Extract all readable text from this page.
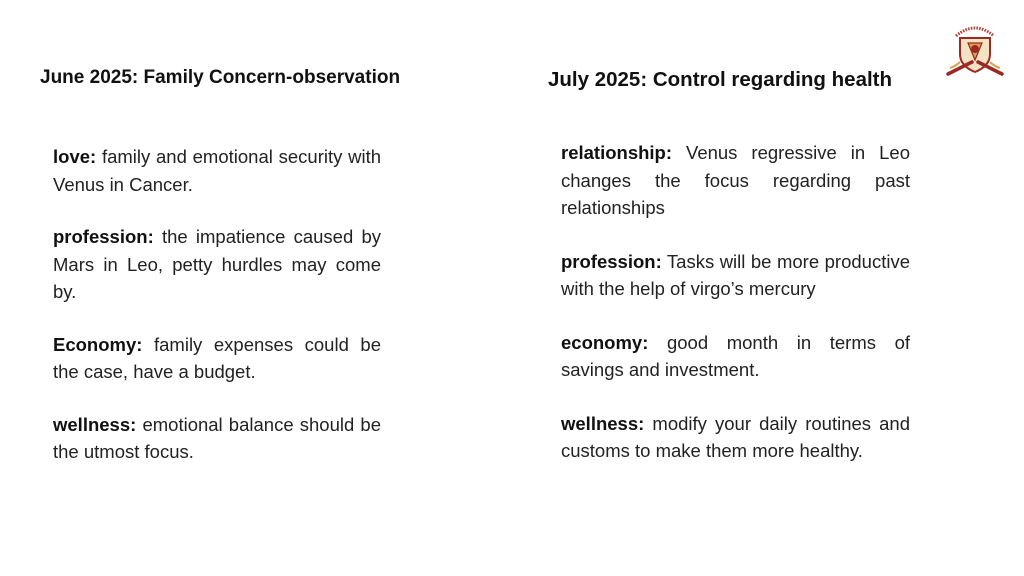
June 2025: Family Concern-observation

love: family and emotional security with Venus in Cancer.

profession: the impatience caused by Mars in Leo, petty hurdles may come by.

Economy: family expenses could be the case, have a budget.

wellness: emotional balance should be the utmost focus.

July 2025: Control regarding health

relationship: Venus regressive in Leo changes the focus regarding past relationships

profession: Tasks will be more productive with the help of virgo’s mercury

economy: good month in terms of savings and investment.

wellness: modify your daily routines and customs to make them more healthy.
